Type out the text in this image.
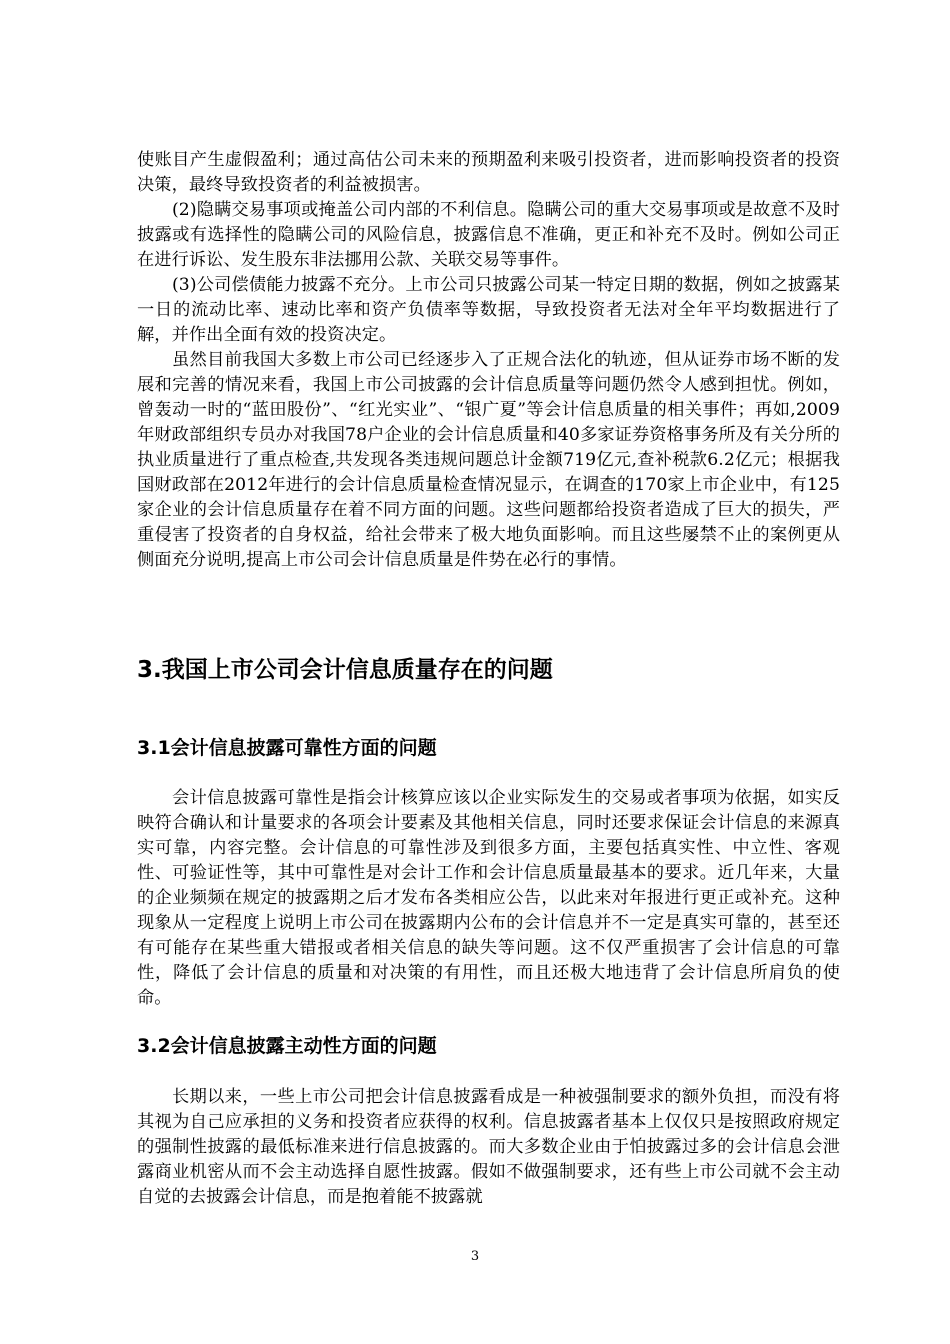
使账目产生虚假盈利；通过高估公司未来的预期盈利来吸引投资者，进而影响投资者的投资决策，最终导致投资者的利益被损害。

(2)隐瞒交易事项或掩盖公司内部的不利信息。隐瞒公司的重大交易事项或是故意不及时披露或有选择性的隐瞒公司的风险信息，披露信息不准确，更正和补充不及时。例如公司正在进行诉讼、发生股东非法挪用公款、关联交易等事件。

(3)公司偿债能力披露不充分。上市公司只披露公司某一特定日期的数据，例如之披露某一日的流动比率、速动比率和资产负债率等数据，导致投资者无法对全年平均数据进行了解，并作出全面有效的投资决定。

虽然目前我国大多数上市公司已经逐步入了正规合法化的轨迹，但从证券市场不断的发展和完善的情况来看，我国上市公司披露的会计信息质量等问题仍然令人感到担忧。例如，曾轰动一时的“蓝田股份”、“红光实业”、“银广夏”等会计信息质量的相关事件；再如,2009年财政部组织专员办对我国78户企业的会计信息质量和40多家证券资格事务所及有关分所的执业质量进行了重点检查,共发现各类违规问题总计金额719亿元,查补税款6.2亿元；根据我国财政部在2012年进行的会计信息质量检查情况显示，在调查的170家上市企业中，有125家企业的会计信息质量存在着不同方面的问题。这些问题都给投资者造成了巨大的损失，严重侵害了投资者的自身权益，给社会带来了极大地负面影响。而且这些屡禁不止的案例更从侧面充分说明,提高上市公司会计信息质量是件势在必行的事情。

3.我国上市公司会计信息质量存在的问题
3.1会计信息披露可靠性方面的问题

会计信息披露可靠性是指会计核算应该以企业实际发生的交易或者事项为依据，如实反映符合确认和计量要求的各项会计要素及其他相关信息，同时还要求保证会计信息的来源真实可靠，内容完整。会计信息的可靠性涉及到很多方面，主要包括真实性、中立性、客观性、可验证性等，其中可靠性是对会计工作和会计信息质量最基本的要求。近几年来，大量的企业频频在规定的披露期之后才发布各类相应公告，以此来对年报进行更正或补充。这种现象从一定程度上说明上市公司在披露期内公布的会计信息并不一定是真实可靠的，甚至还有可能存在某些重大错报或者相关信息的缺失等问题。这不仅严重损害了会计信息的可靠性，降低了会计信息的质量和对决策的有用性，而且还极大地违背了会计信息所肩负的使命。

3.2会计信息披露主动性方面的问题

长期以来，一些上市公司把会计信息披露看成是一种被强制要求的额外负担，而没有将其视为自己应承担的义务和投资者应获得的权利。信息披露者基本上仅仅只是按照政府规定的强制性披露的最低标准来进行信息披露的。而大多数企业由于怕披露过多的会计信息会泄露商业机密从而不会主动选择自愿性披露。假如不做强制要求，还有些上市公司就不会主动自觉的去披露会计信息，而是抱着能不披露就

3
